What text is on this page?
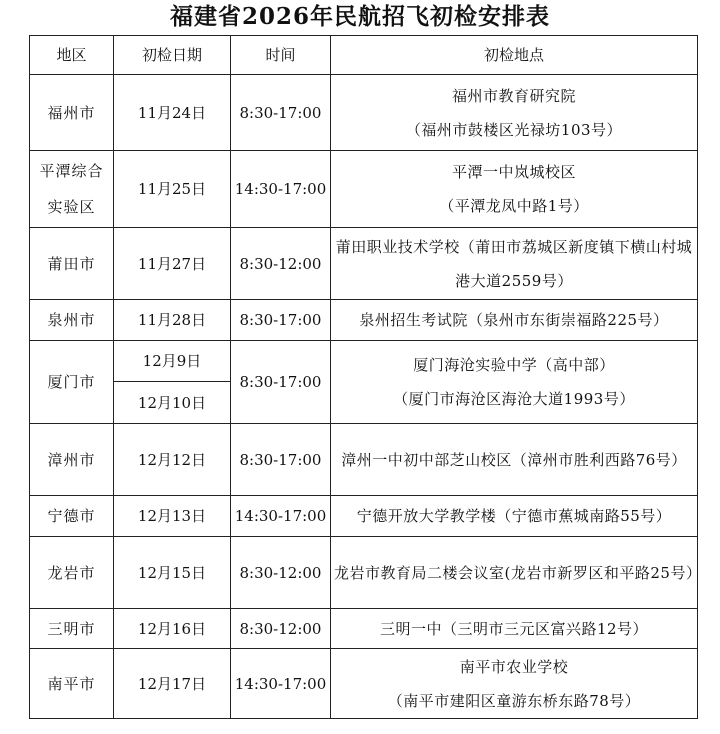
福建省2026年民航招飞初检安排表
地区	初检日期	时间	初检地点
福州市	11月24日	8:30-17:00	福州市教育研究院
（福州市鼓楼区光禄坊103号）

平潭综合实验区	11月25日	14:30-17:00	平潭一中岚城校区
（平潭龙凤中路1号）

莆田市	11月27日	8:30-12:00	莆田职业技术学校（莆田市荔城区新度镇下横山村城港大道2559号）
泉州市	11月28日	8:30-17:00	泉州招生考试院（泉州市东街崇福路225号）
厦门市	12月9日	8:30-17:00	厦门海沧实验中学（高中部）
（厦门市海沧区海沧大道1993号）

	12月10日		
漳州市	12月12日	8:30-17:00	漳州一中初中部芝山校区（漳州市胜利西路76号）
宁德市	12月13日	14:30-17:00	宁德开放大学教学楼（宁德市蕉城南路55号）
龙岩市	12月15日	8:30-12:00	龙岩市教育局二楼会议室(龙岩市新罗区和平路25号）
三明市	12月16日	8:30-12:00	三明一中（三明市三元区富兴路12号）
南平市	12月17日	14:30-17:00	南平市农业学校
（南平市建阳区童游东桥东路78号）
